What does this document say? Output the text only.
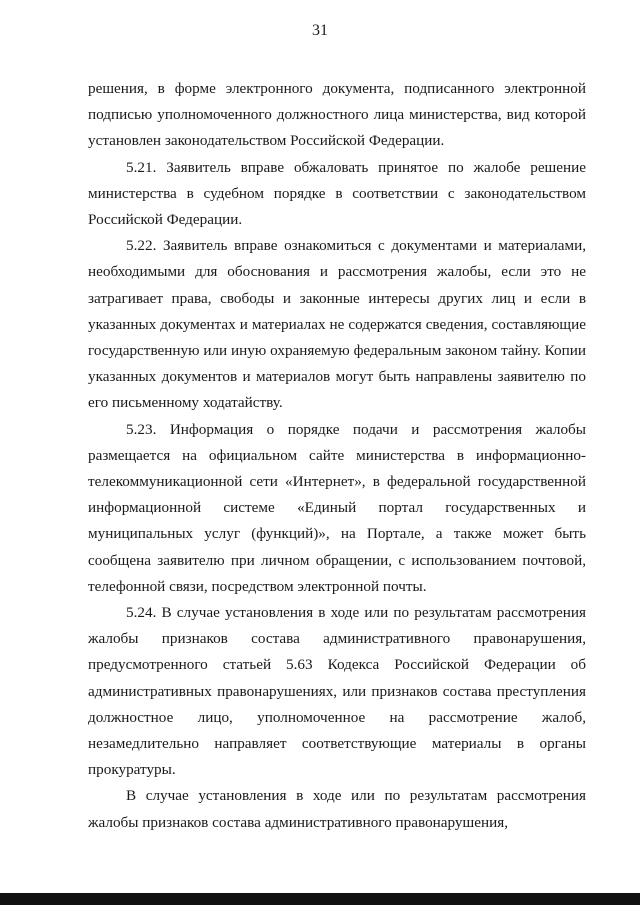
31

решения, в форме электронного документа, подписанного электронной подписью уполномоченного должностного лица министерства, вид которой установлен законодательством Российской Федерации.

5.21. Заявитель вправе обжаловать принятое по жалобе решение министерства в судебном порядке в соответствии с законодательством Российской Федерации.

5.22. Заявитель вправе ознакомиться с документами и материалами, необходимыми для обоснования и рассмотрения жалобы, если это не затрагивает права, свободы и законные интересы других лиц и если в указанных документах и материалах не содержатся сведения, составляющие государственную или иную охраняемую федеральным законом тайну. Копии указанных документов и материалов могут быть направлены заявителю по его письменному ходатайству.

5.23. Информация о порядке подачи и рассмотрения жалобы размещается на официальном сайте министерства в информационно-телекоммуникационной сети «Интернет», в федеральной государственной информационной системе «Единый портал государственных и муниципальных услуг (функций)», на Портале, а также может быть сообщена заявителю при личном обращении, с использованием почтовой, телефонной связи, посредством электронной почты.

5.24. В случае установления в ходе или по результатам рассмотрения жалобы признаков состава административного правонарушения, предусмотренного статьей 5.63 Кодекса Российской Федерации об административных правонарушениях, или признаков состава преступления должностное лицо, уполномоченное на рассмотрение жалоб, незамедлительно направляет соответствующие материалы в органы прокуратуры.

В случае установления в ходе или по результатам рассмотрения жалобы признаков состава административного правонарушения,
